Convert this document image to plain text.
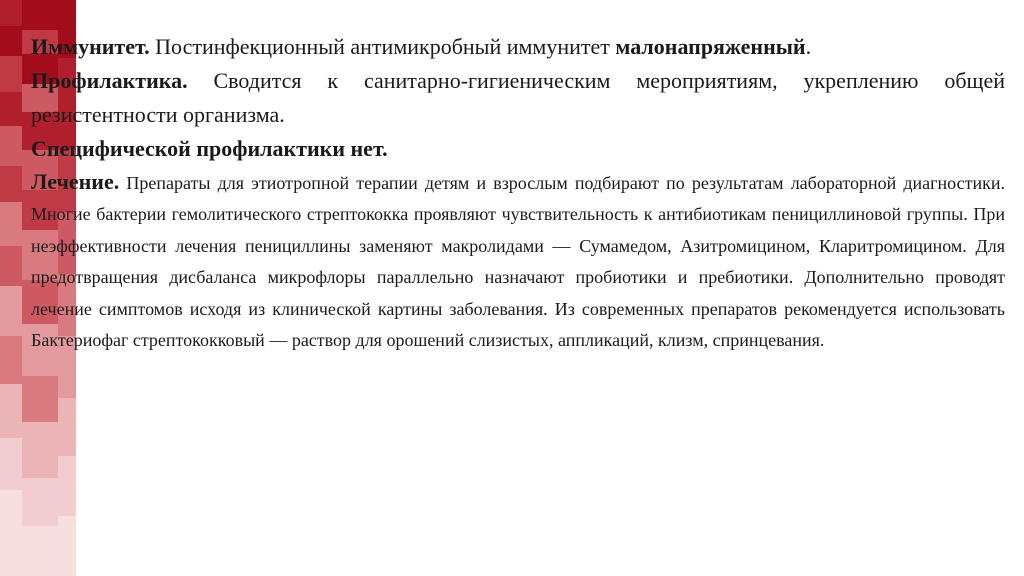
Иммунитет. Постинфекционный антимикробный иммунитет малонапряженный.

Профилактика. Сводится к санитарно-гигиеническим мероприятиям, укреплению общей резистентности организма.

Специфической профилактики нет.

Лечение. Препараты для этиотропной терапии детям и взрослым подбирают по результатам лабораторной диагностики. Многие бактерии гемолитического стрептококка проявляют чувствительность к антибиотикам пенициллиновой группы. При неэффективности лечения пенициллины заменяют макролидами — Сумамедом, Азитромицином, Кларитромицином. Для предотвращения дисбаланса микрофлоры параллельно назначают пробиотики и пребиотики. Дополнительно проводят лечение симптомов исходя из клинической картины заболевания. Из современных препаратов рекомендуется использовать Бактериофаг стрептококковый — раствор для орошений слизистых, аппликаций, клизм, спринцевания.
